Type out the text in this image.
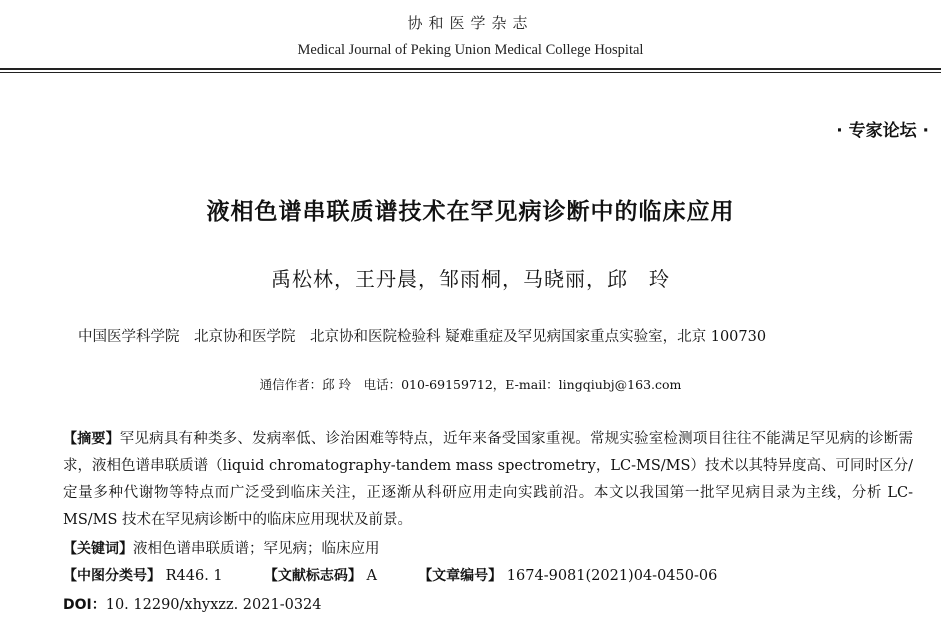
协和医学杂志
Medical Journal of Peking Union Medical College Hospital
· 专家论坛 ·
液相色谱串联质谱技术在罕见病诊断中的临床应用
禹松林，王丹晨，邹雨桐，马晓丽，邱　玲
中国医学科学院　北京协和医学院　北京协和医院检验科 疑难重症及罕见病国家重点实验室，北京 100730
通信作者：邱 玲　电话：010-69159712，E-mail：lingqiubj@163.com
【摘要】罕见病具有种类多、发病率低、诊治困难等特点，近年来备受国家重视。常规实验室检测项目往往不能满足罕见病的诊断需求，液相色谱串联质谱（liquid chromatography-tandem mass spectrometry，LC-MS/MS）技术以其特异度高、可同时区分/定量多种代谢物等特点而广泛受到临床关注，正逐渐从科研应用走向实践前沿。本文以我国第一批罕见病目录为主线，分析 LC-MS/MS 技术在罕见病诊断中的临床应用现状及前景。
【关键词】液相色谱串联质谱；罕见病；临床应用
【中图分类号】 R446. 1	【文献标志码】 A	【文章编号】 1674-9081(2021)04-0450-06
DOI：10. 12290/xhyxzz. 2021-0324
